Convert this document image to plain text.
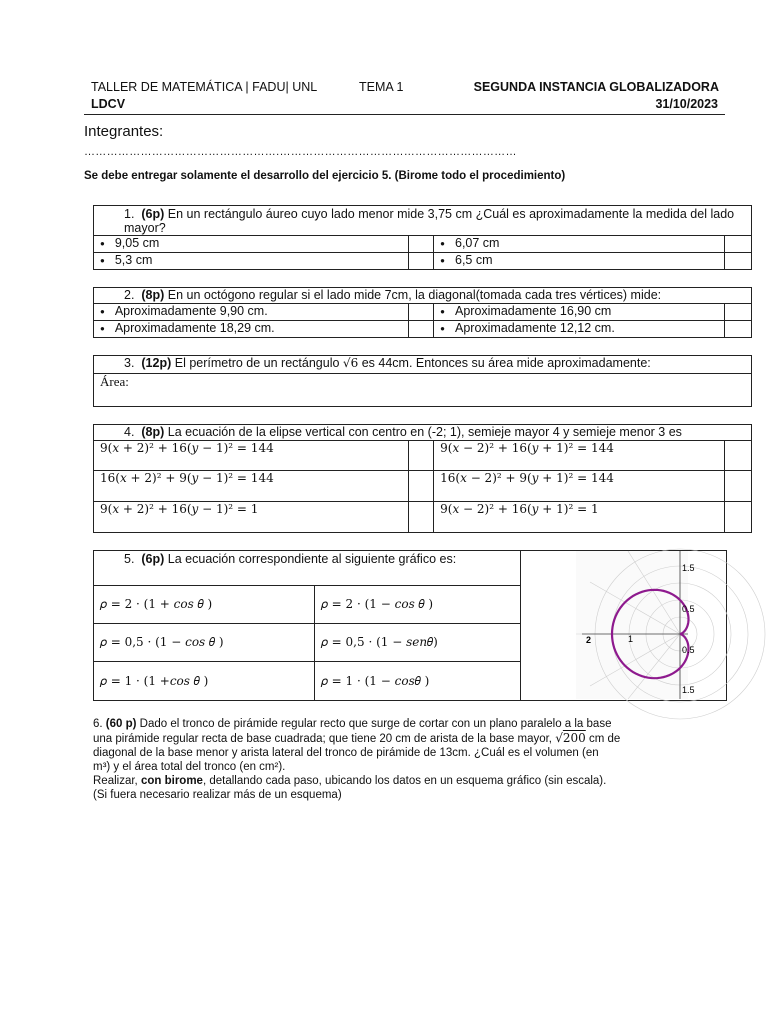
TALLER DE MATEMÁTICA | FADU| UNL	TEMA 1	SEGUNDA INSTANCIA GLOBALIZADORA
LDCV	31/10/2023
Integrantes:
…………………………………………….………………………………………………………
Se debe entregar solamente el desarrollo del ejercicio 5. (Birome todo el procedimiento)
1. (6p) En un rectángulo áureo cuyo lado menor mide 3,75 cm ¿Cuál es aproximadamente la medida del lado mayor?			
● 9,05 cm		●6,07 cm	
● 5,3 cm		●6,5 cm	
2. (8p) En un octógono regular si el lado mide 7cm, la diagonal(tomada cada tres vértices) mide:			
● Aproximadamente 9,90 cm.		●Aproximadamente 16,90 cm	
● Aproximadamente 18,29 cm.		●Aproximadamente 12,12 cm.	
3. (12p) El perímetro de un rectángulo √6 es 44cm. Entonces su área mide aproximadamente:
Área:
4. (8p) La ecuación de la elipse vertical con centro en (-2; 1), semieje mayor 4 y semieje menor 3 es			
9(𝑥 + 2)² + 16(𝑦 − 1)² = 144		9(𝑥 − 2)² + 16(𝑦 + 1)² = 144	
16(𝑥 + 2)² + 9(𝑦 − 1)² = 144		16(𝑥 − 2)² + 9(𝑦 + 1)² = 144	
9(𝑥 + 2)² + 16(𝑦 − 1)² = 1		9(𝑥 − 2)² + 16(𝑦 + 1)² = 1	
5. (6p) La ecuación correspondiente al siguiente gráfico es:		
𝜌 = 2 · (1 + 𝑐𝑜𝑠 𝜃 )	𝜌 = 2 · (1 − 𝑐𝑜𝑠 𝜃 )	
𝜌 = 0,5 · (1 − 𝑐𝑜𝑠 𝜃 )	𝜌 = 0,5 · (1 − 𝑠𝑒𝑛𝜃)	
𝜌 = 1 · (1 +𝑐𝑜𝑠 𝜃 )	𝜌 = 1 · (1 − 𝑐𝑜𝑠𝜃 )	
1.5
0.5
0.5
1.5
2	1
6. (60 p) Dado el tronco de pirámide regular recto que surge de cortar con un plano paralelo a la base
una pirámide regular recta de base cuadrada; que tiene 20 cm de arista de la base mayor, √200 cm de
diagonal de la base menor y arista lateral del tronco de pirámide de 13cm. ¿Cuál es el volumen (en
m³) y el área total del tronco (en cm²).
Realizar, con birome, detallando cada paso, ubicando los datos en un esquema gráfico (sin escala).
(Si fuera necesario realizar más de un esquema)
